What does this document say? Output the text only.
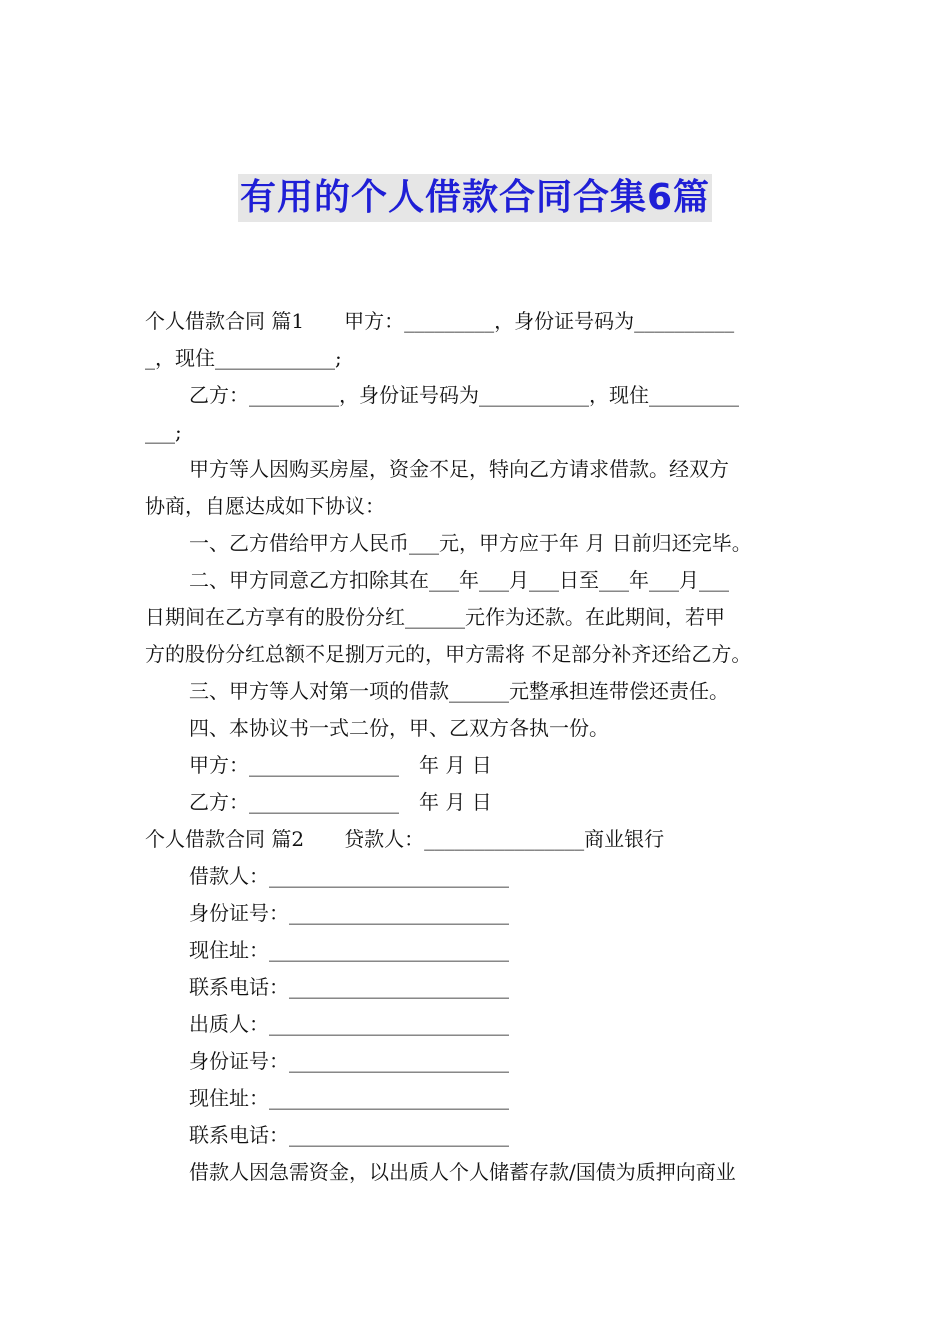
有用的个人借款合同合集6篇
个人借款合同 篇1　　甲方：_________，身份证号码为__________
_，现住____________;
乙方：_________，身份证号码为___________，现住_________
___;
甲方等人因购买房屋，资金不足，特向乙方请求借款。经双方
协商，自愿达成如下协议：
一、乙方借给甲方人民币___元，甲方应于年 月 日前归还完毕。
二、甲方同意乙方扣除其在___年___月___日至___年___月___
日期间在乙方享有的股份分红______元作为还款。在此期间，若甲
方的股份分红总额不足捌万元的，甲方需将 不足部分补齐还给乙方。
三、甲方等人对第一项的借款______元整承担连带偿还责任。
四、本协议书一式二份，甲、乙双方各执一份。
甲方：_______________　年 月 日
乙方：_______________　年 月 日
个人借款合同 篇2　　贷款人：________________商业银行
借款人：________________________
身份证号：______________________
现住址：________________________
联系电话：______________________
出质人：________________________
身份证号：______________________
现住址：________________________
联系电话：______________________
借款人因急需资金，以出质人个人储蓄存款/国债为质押向商业
